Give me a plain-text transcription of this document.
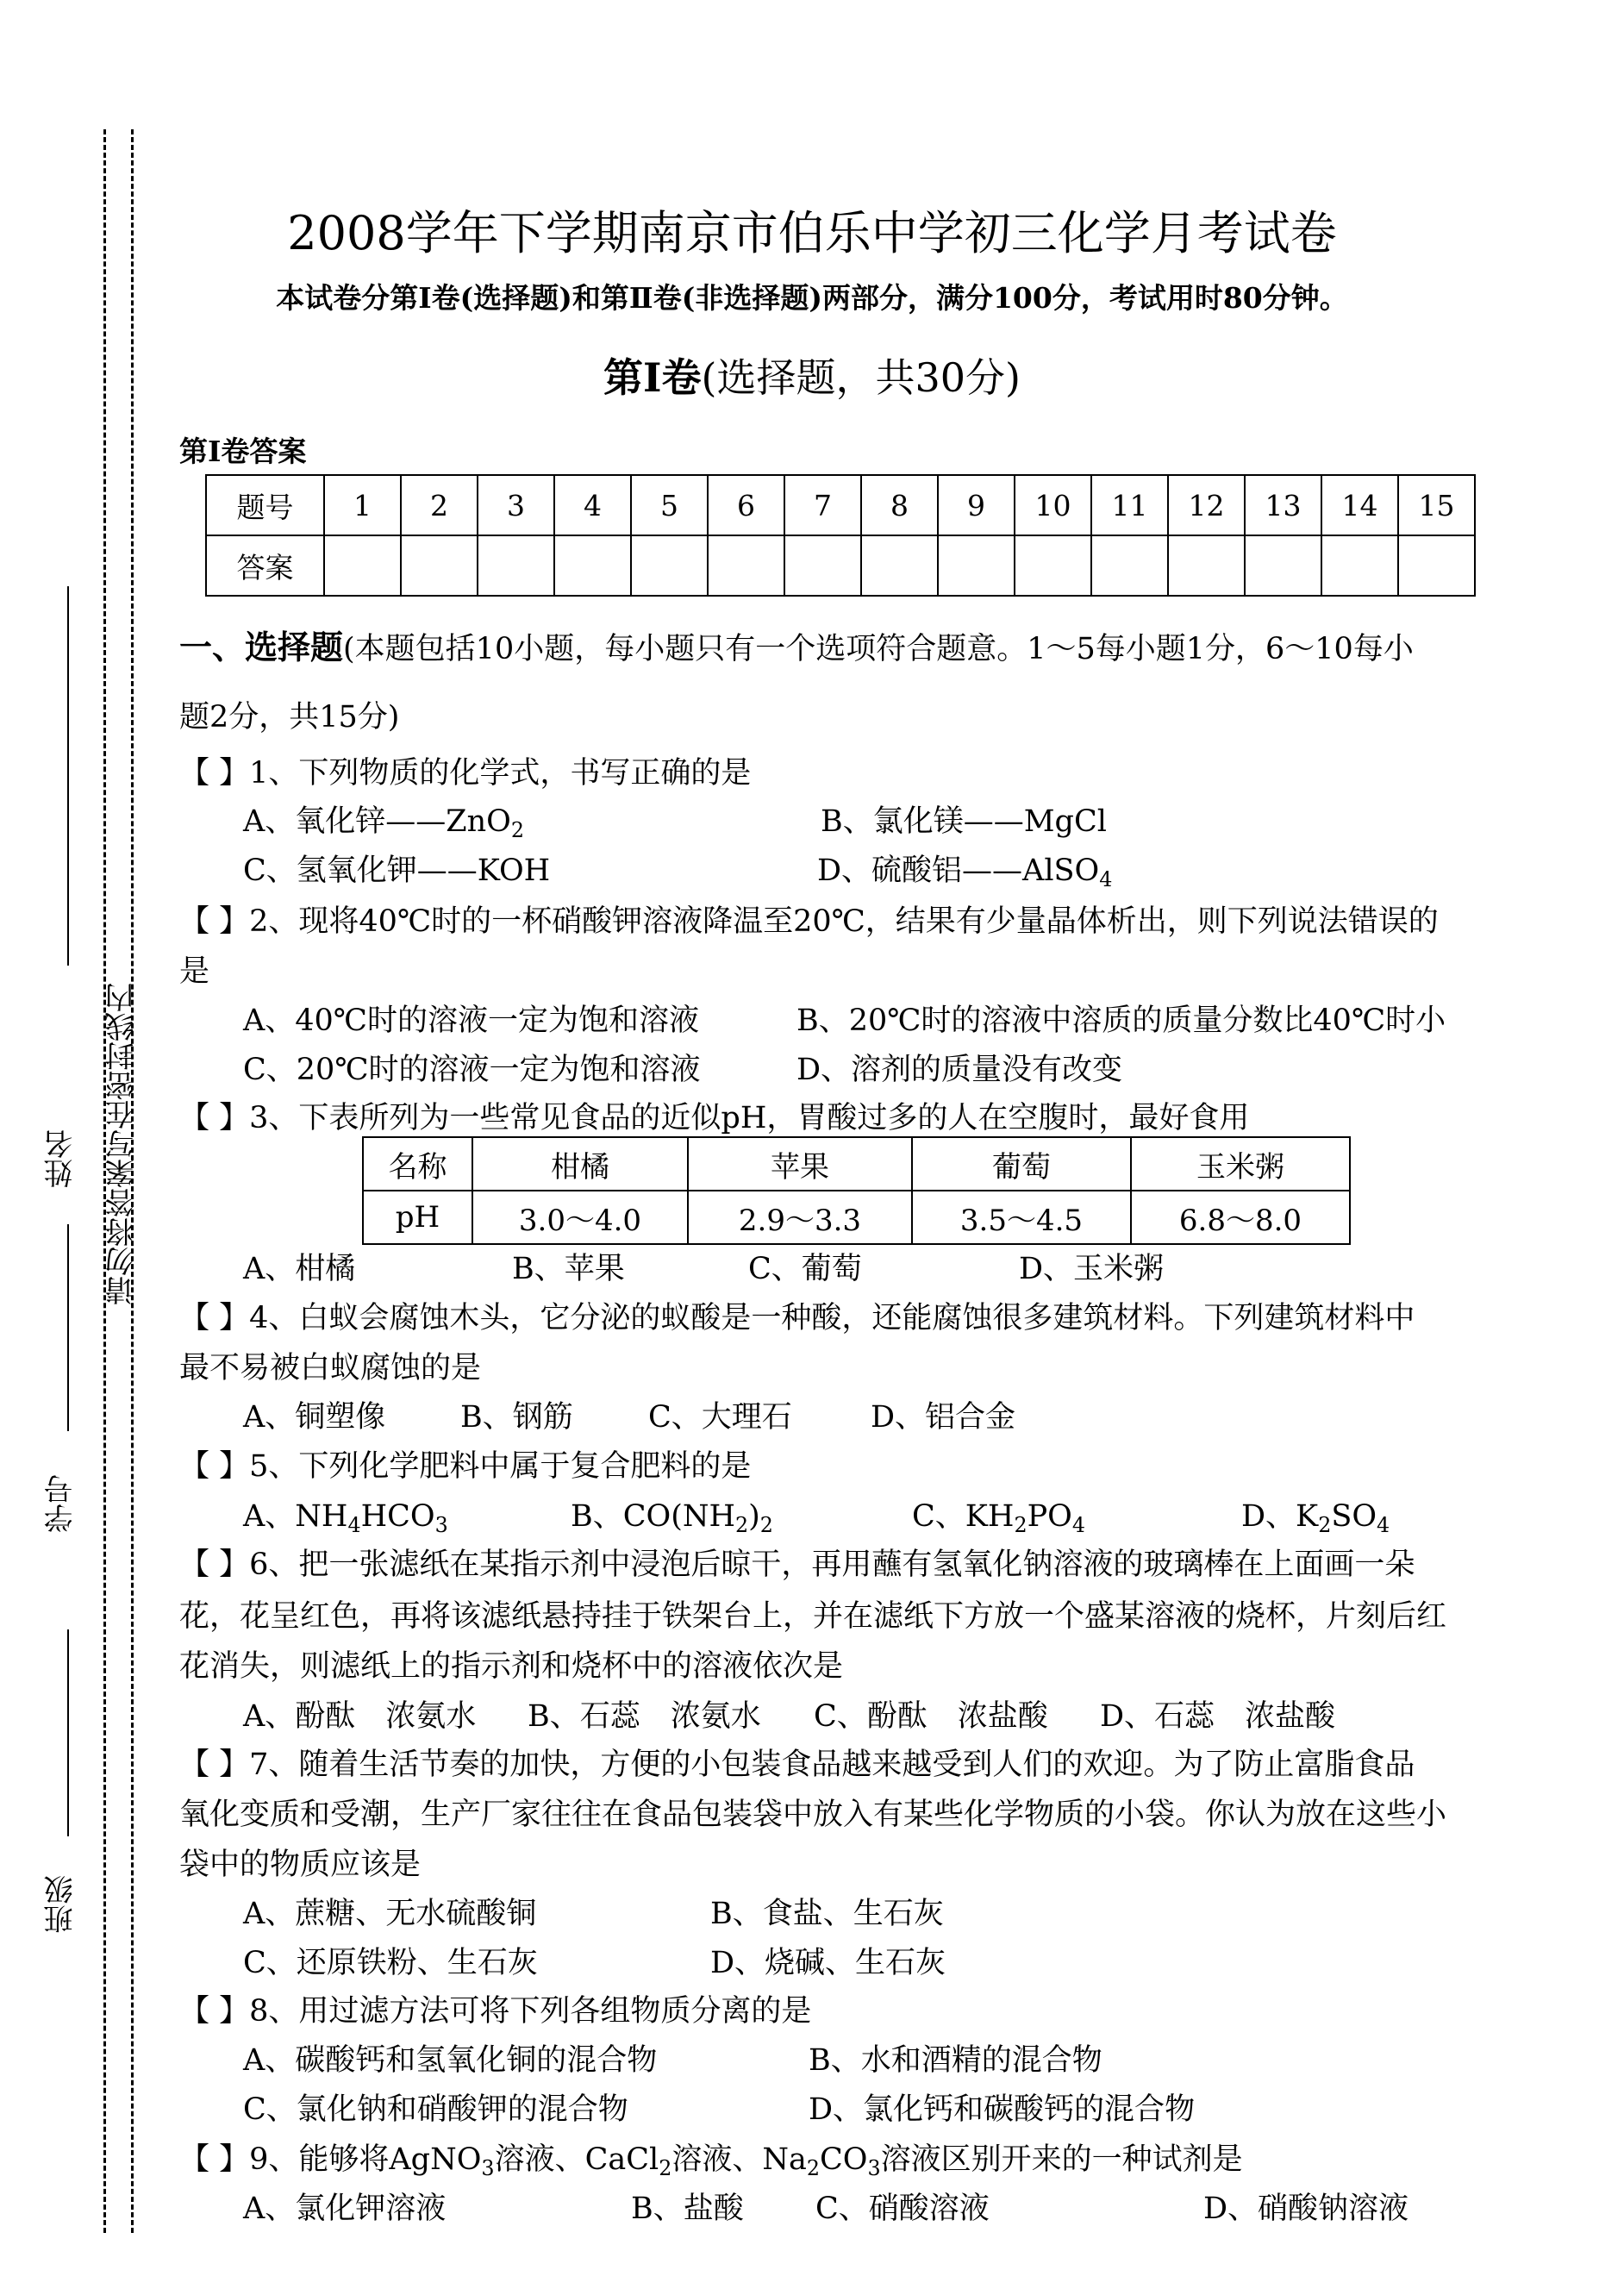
请勿将答案写在密封线内
姓名
学号
班级
2008学年下学期南京市伯乐中学初三化学月考试卷
本试卷分第Ⅰ卷(选择题)和第Ⅱ卷(非选择题)两部分，满分100分，考试用时80分钟。
第Ⅰ卷(选择题，共30分)
第Ⅰ卷答案
题号	1	2	3	4	5	6	7	8	9	10	11	12	13	14	15
答案															
一、选择题(本题包括10小题，每小题只有一个选项符合题意。1～5每小题1分，6～10每小
题2分，共15分)
【 】1、下列物质的化学式，书写正确的是
A、氧化锌——ZnO$_2$	B、氯化镁——MgCl
C、氢氧化钾——KOH	D、硫酸铝——AlSO$_4$
【 】2、现将40℃时的一杯硝酸钾溶液降温至20℃，结果有少量晶体析出，则下列说法错误的
是
A、40℃时的溶液一定为饱和溶液	B、20℃时的溶液中溶质的质量分数比40℃时小
C、20℃时的溶液一定为饱和溶液	D、溶剂的质量没有改变
【 】3、下表所列为一些常见食品的近似pH，胃酸过多的人在空腹时，最好食用
名称	柑橘	苹果	葡萄	玉米粥
pH	3.0～4.0	2.9～3.3	3.5～4.5	6.8～8.0
A、柑橘	B、苹果	C、葡萄	D、玉米粥
【 】4、白蚁会腐蚀木头，它分泌的蚁酸是一种酸，还能腐蚀很多建筑材料。下列建筑材料中
最不易被白蚁腐蚀的是
A、铜塑像 B、钢筋 C、大理石	D、铝合金
【 】5、下列化学肥料中属于复合肥料的是
A、$NH_4HCO_3$	B、$CO(NH_2)_2$	C、$KH_2PO_4$	D、$K_2SO_4$
【 】6、把一张滤纸在某指示剂中浸泡后晾干，再用蘸有氢氧化钠溶液的玻璃棒在上面画一朵
花，花呈红色，再将该滤纸悬持挂于铁架台上，并在滤纸下方放一个盛某溶液的烧杯，片刻后红
花消失，则滤纸上的指示剂和烧杯中的溶液依次是
A、酚酞　浓氨水 B、石蕊　浓氨水 C、酚酞　浓盐酸 D、石蕊　浓盐酸
【 】7、随着生活节奏的加快，方便的小包装食品越来越受到人们的欢迎。为了防止富脂食品
氧化变质和受潮，生产厂家往往在食品包装袋中放入有某些化学物质的小袋。你认为放在这些小
袋中的物质应该是
A、蔗糖、无水硫酸铜	B、食盐、生石灰
C、还原铁粉、生石灰	D、烧碱、生石灰
【 】8、用过滤方法可将下列各组物质分离的是
A、碳酸钙和氢氧化铜的混合物	B、水和酒精的混合物
C、氯化钠和硝酸钾的混合物	D、氯化钙和碳酸钙的混合物
【 】9、能够将AgNO$_3$溶液、CaCl$_2$溶液、$Na_2CO_3$溶液区别开来的一种试剂是
A、氯化钾溶液	B、盐酸 C、硝酸溶液	D、硝酸钠溶液
